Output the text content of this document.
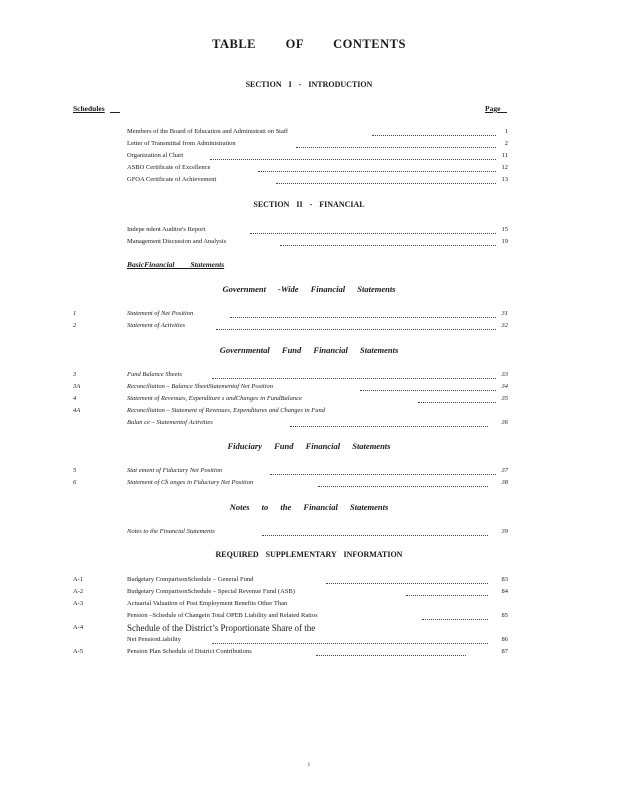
TABLE OF CONTENTS
SECTION I - INTRODUCTION
Schedules	Page
Members of the Board of Education and Administrati on Staff	1
Letter of Transmittal from Administration	2
Organization al Chart	11
ASBO Certificate of Excellence	12
GFOA Certificate of Achievement	13
SECTION II - FINANCIAL
Indepe ndent Auditor's Report	15
Management Discussion and Analysis	19
BasicFinancial Statements
Government -Wide Financial Statements
1	Statement of Net Position	31
2	Statement of Activities	32
Governmental Fund Financial Statements
3	Fund Balance Sheets	33
3A	Reconciliation – Balance SheetStatementof Net Position	34
4	Statement of Revenues, Expenditure s andChanges in FundBalance	35
4A	Reconciliation – Statement of Revenues, Expenditures and Changes in Fund
Balan ce – Statementof Activities	36
Fiduciary Fund Financial Statements
5	Stat ement of Fiduciary Net Position	37
6	Statement of Ch anges in Fiduciary Net Position	38
Notes to the Financial Statements
Notes to the Financial Statements	39
REQUIRED SUPPLEMENTARY INFORMATION
A-1	Budgetary ComparisonSchedule – General Fund	83
A-2	Budgetary ComparisonSchedule – Special Revenue Fund (ASB)	84
A-3	Actuarial Valuation of Post Employment Benefits Other Than
Pension –Schedule of Changein Total OPEB Liability and Related Ratios	85
A-4	Schedule of the District’s Proportionate Share of the
Net PensionLiability	86
A-5	Pension Plan Schedule of District Contributions	87
i
